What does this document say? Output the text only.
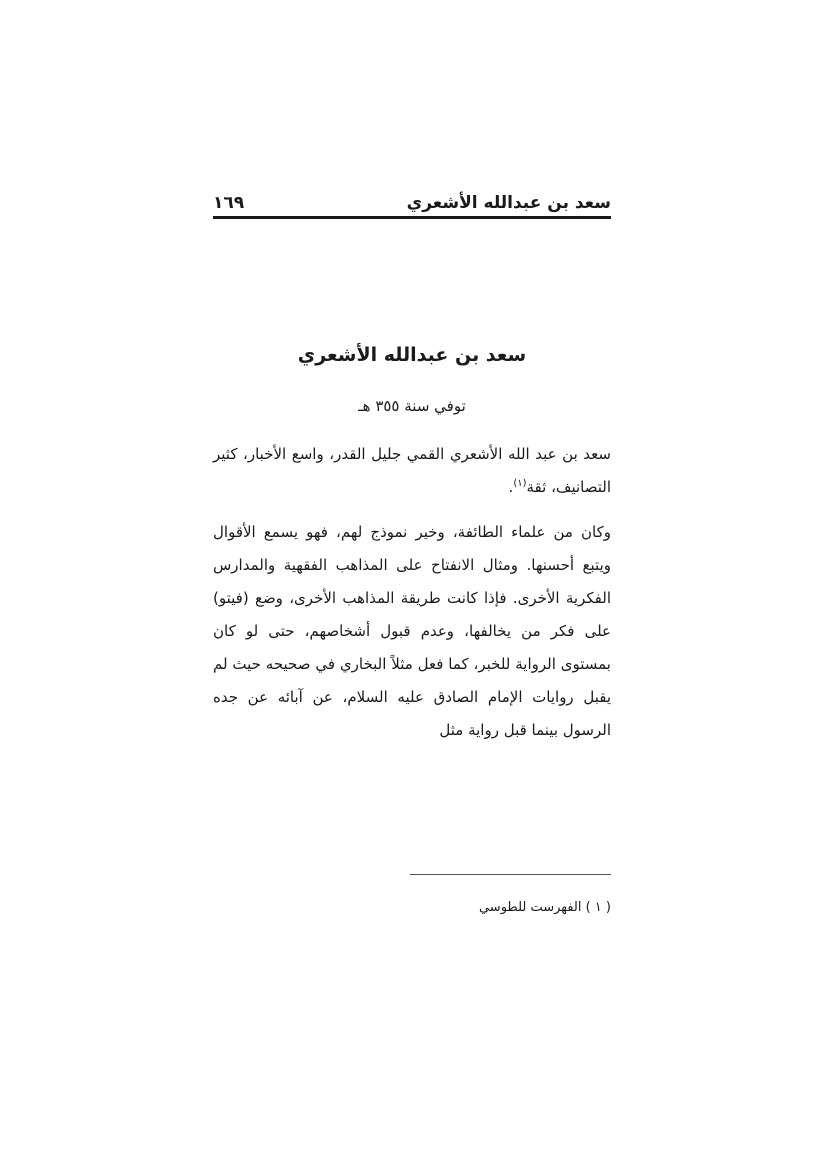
سعد بن عبدالله الأشعري
١٦٩
سعد بن عبدالله الأشعري

توفي سنة ٣٥٥ هـ

سعد بن عبد الله الأشعري القمي جليل القدر، واسع الأخبار، كثير التصانيف، ثقة$^{(١)}$.

وكان من علماء الطائفة، وخير نموذج لهم، فهو يسمع الأقوال ويتبع أحسنها. ومثال الانفتاح على المذاهب الفقهية والمدارس الفكرية الأخرى. فإذا كانت طريقة المذاهب الأخرى، وضع (فيتو) على فكر من يخالفها، وعدم قبول أشخاصهم، حتى لو كان بمستوى الرواية للخبر، كما فعل مثلاً البخاري في صحيحه حيث لم يقبل روايات الإمام الصادق عليه السلام، عن آبائه عن جده الرسول بينما قبل رواية مثل

( ١ ) الفهرست للطوسي
